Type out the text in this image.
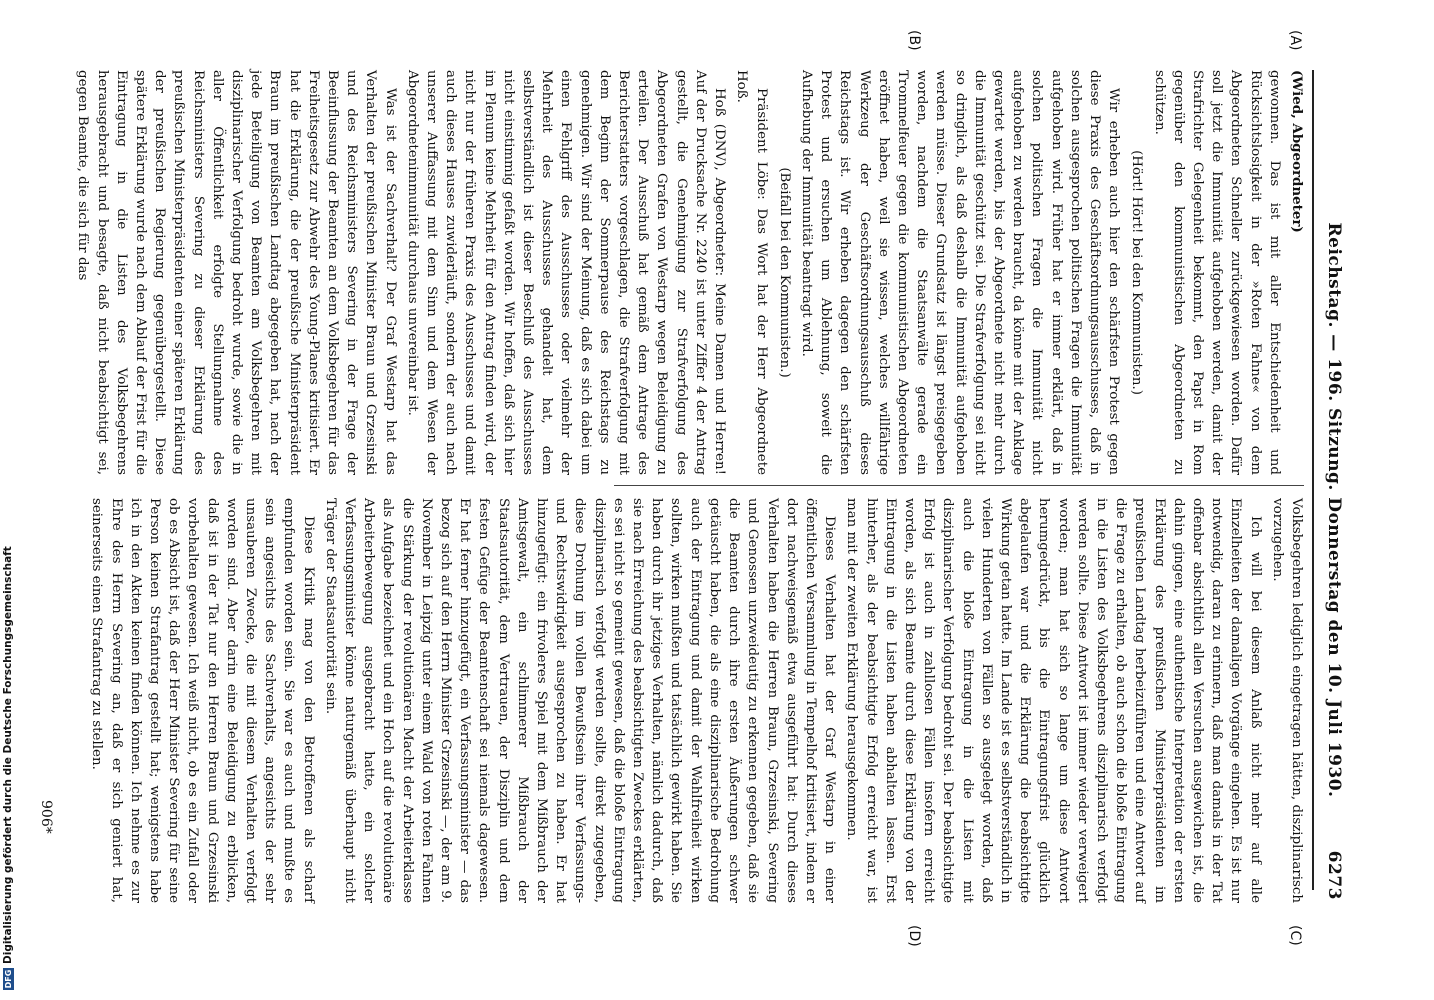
6273
Reichstag. — 196. Sitzung. Donnerstag den 10. Juli 1930.
(C)
(D)
(A)
(B)

Volksbegehren lediglich eingetragen hätten, disziplinarisch vorzugehen.

Ich will bei diesem Anlaß nicht mehr auf alle Einzelheiten der damaligen Vorgänge eingehen. Es ist nur notwendig, daran zu erinnern, daß man damals in der Tat offenbar absichtlich allen Versuchen ausgewichen ist, die dahin gingen, eine authentische Interpretation der ersten Erklärung des preußischen Ministerpräsidenten im preußischen Landtag herbeizuführen und eine Antwort auf die Frage zu erhalten, ob auch schon die bloße Eintragung in die Listen des Volksbegehrens disziplinarisch verfolgt werden sollte. Diese Antwort ist immer wieder verweigert worden; man hat sich so lange um diese Antwort herumgedrückt, bis die Eintragungsfrist glücklich abgelaufen war und die Erklärung die beabsichtigte Wirkung getan hatte. Im Lande ist es selbstverständlich in vielen Hunderten von Fällen so ausgelegt worden, daß auch die bloße Eintragung in die Listen mit disziplinarischer Verfolgung bedroht sei. Der beabsichtigte Erfolg ist auch in zahllosen Fällen insofern erreicht worden, als sich Beamte durch diese Erklärung von der Eintragung in die Listen haben abhalten lassen. Erst hinterher, als der beabsichtigte Erfolg erreicht war, ist man mit der zweiten Erklärung herausgekommen.

Dieses Verhalten hat der Graf Westarp in einer öffentlichen Versammlung in Tempelhof kritisiert, indem er dort nachweisgemäß etwa ausgeführt hat: Durch dieses Verhalten haben die Herren Braun, Grzesinski, Severing und Genossen unzweideutig zu erkennen gegeben, daß sie die Beamten durch ihre ersten Äußerungen schwer getäuscht haben, die als eine disziplinarische Bedrohung auch der Eintragung und damit der Wahlfreiheit wirken sollten, wirken mußten und tatsächlich gewirkt haben. Sie haben durch ihr jetziges Verhalten, nämlich dadurch, daß sie nach Erreichung des beabsichtigten Zweckes erklärten, es sei nicht so gemeint gewesen, daß die bloße Eintragung disziplinarisch verfolgt werden sollte, direkt zugegeben, diese Drohung im vollen Bewußtsein ihrer Verfassungs- und Rechtswidrigkeit ausgesprochen zu haben. Er hat hinzugefügt: ein frivoleres Spiel mit dem Mißbrauch der Amtsgewalt, ein schlimmerer Mißbrauch der Staatsautorität, dem Vertrauen, der Disziplin und dem festen Gefüge der Beamtenschaft sei niemals dagewesen. Er hat ferner hinzugefügt, ein Verfassungsminister — das bezog sich auf den Herrn Minister Grzesinski —, der am 9. November in Leipzig unter einem Wald von roten Fahnen die Stärkung der revolutionären Macht der Arbeiterklasse als Aufgabe bezeichnet und ein Hoch auf die revolutionäre Arbeiterbewegung ausgebracht hatte, ein solcher Verfassungsminister könne naturgemäß überhaupt nicht Träger der Staatsautorität sein.

Diese Kritik mag von den Betroffenen als scharf empfunden worden sein. Sie war es auch und mußte es sein angesichts des Sachverhalts, angesichts der sehr unsauberen Zwecke, die mit diesem Verhalten verfolgt worden sind. Aber darin eine Beleidigung zu erblicken, daß ist in der Tat nur den Herren Braun und Grzesinski vorbehalten gewesen. Ich weiß nicht, ob es ein Zufall oder ob es Absicht ist, daß der Herr Minister Severing für seine Person keinen Strafantrag gestellt hat; wenigstens habe ich in den Akten keinen finden können. Ich nehme es zur Ehre des Herrn Severing an, daß er sich geniert hat, seinerseits einen Strafantrag zu stellen.

(Wied, Abgeordneter)

gewonnen. Das ist mit aller Entschiedenheit und Rücksichtslosigkeit in der »Roten Fahne« von dem Abgeordneten Schneller zurückgewiesen worden. Dafür soll jetzt die Immunität aufgehoben werden, damit der Strafrichter Gelegenheit bekommt, den Papst in Rom gegenüber den kommunistischen Abgeordneten zu schützen.

(Hört! Hört! bei den Kommunisten.)

Wir erheben auch hier den schärfsten Protest gegen diese Praxis des Geschäftsordnungsausschusses, daß in solchen ausgesprochen politischen Fragen die Immunität aufgehoben wird. Früher hat er immer erklärt, daß in solchen politischen Fragen die Immunität nicht aufgehoben zu werden braucht, da könne mit der Anklage gewartet werden, bis der Abgeordnete nicht mehr durch die Immunität geschützt sei. Die Strafverfolgung sei nicht so dringlich, als daß deshalb die Immunität aufgehoben werden müsse. Dieser Grundsatz ist längst preisgegeben worden, nachdem die Staatsanwälte gerade ein Trommelfeuer gegen die kommunistischen Abgeordneten eröffnet haben, weil sie wissen, welches willfährige Werkzeug der Geschäftsordnungsausschuß dieses Reichstags ist. Wir erheben dagegen den schärfsten Protest und ersuchen um Ablehnung, soweit die Aufhebung der Immunität beantragt wird.

(Beifall bei den Kommunisten.)

Präsident Löbe: Das Wort hat der Herr Abgeordnete Hoß.

Hoß (DNV), Abgeordneter: Meine Damen und Herren! Auf der Drucksache Nr. 2240 ist unter Ziffer 4 der Antrag gestellt, die Genehmigung zur Strafverfolgung des Abgeordneten Grafen von Westarp wegen Beleidigung zu erteilen. Der Ausschuß hat gemäß dem Antrage des Berichterstatters vorgeschlagen, die Strafverfolgung mit dem Beginn der Sommerpause des Reichstags zu genehmigen. Wir sind der Meinung, daß es sich dabei um einen Fehlgriff des Ausschusses oder vielmehr der Mehrheit des Ausschusses gehandelt hat, dem selbstverständlich ist dieser Beschluß des Ausschusses nicht einstimmig gefaßt worden. Wir hoffen, daß sich hier im Plenum keine Mehrheit für den Antrag finden wird, der nicht nur der früheren Praxis des Ausschusses und damit auch dieses Hauses zuwiderläuft, sondern der auch nach unserer Auffassung mit dem Sinn und dem Wesen der Abgeordnetenimmunität durchaus unvereinbar ist.

Was ist der Sachverhalt? Der Graf Westarp hat das Verhalten der preußischen Minister Braun und Grzesinski und des Reichsministers Severing in der Frage der Beeinflussung der Beamten an dem Volksbegehren für das Freiheitsgesetz zur Abwehr des Young-Planes kritisiert. Er hat die Erklärung, die der preußische Ministerpräsident Braun im preußischen Landtag abgegeben hat, nach der jede Beteiligung von Beamten am Volksbegehren mit disziplinarischer Verfolgung bedroht wurde, sowie die in aller Öffentlichkeit erfolgte Stellungnahme des Reichsministers Severing zu dieser Erklärung des preußischen Ministerpräsidenten einer späteren Erklärung der preußischen Regierung gegenübergestellt. Diese spätere Erklärung wurde nach dem Ablauf der Frist für die Eintragung in die Listen des Volksbegehrens herausgebracht und besagte, daß nicht beabsichtigt sei, gegen Beamte, die sich für das

906*
DFGDigitalisierung gefördert durch die Deutsche Forschungsgemeinschaft
